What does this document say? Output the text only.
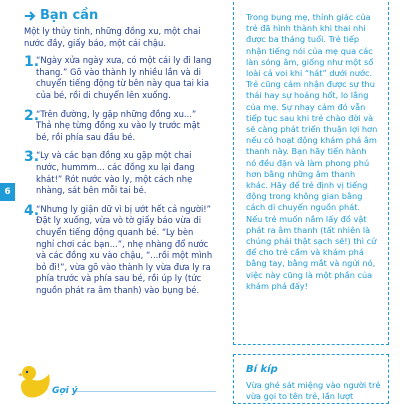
Bạn cần

Một ly thủy tinh, những đồng xu, một chai nước đầy, giấy báo, một cái chậu.

1.

“Ngày xửa ngày xưa, có một cái ly đi lang thang.” Gõ vào thành ly nhiều lần và di chuyển tiếng động từ bên này qua tai kia của bé, rồi di chuyển lên xuống.

2.

“Trên đường, ly gặp những đồng xu...” Thả nhẹ từng đồng xu vào ly trước mặt bé, rồi phía sau đầu bé.

3.

“Ly và các bạn đồng xu gặp một chai nước, hummm... các đồng xu lại đang khát!” Rót nước vào ly, một cách nhẹ nhàng, sát bên mỗi tai bé.

4.

“Nhưng ly giận dữ vì bị ướt hết cả người!” Đặt ly xuống, vừa vò tờ giấy báo vừa di chuyển tiếng động quanh bé. “Ly bèn nghỉ chơi các bạn...”, nhẹ nhàng đổ nước và các đồng xu vào chậu, “...rồi một mình bỏ đi!”, vừa gõ vào thành ly vừa đưa ly ra phía trước và phía sau bé, rồi úp ly (tức nguồn phát ra âm thanh) vào bụng bé.

6
Gợi ý

Trong bụng mẹ, thính giác của trẻ đã hình thành khi thai nhi được ba tháng tuổi. Trẻ tiếp nhận tiếng nói của mẹ qua các làn sóng âm, giống như một sổ loài cá voi khi “hát” dưới nước. Trẻ cũng cảm nhận được sự thu thái hay sự hoảng hốt, lo lắng của mẹ. Sự nhạy cảm đó vẫn tiếp tục sau khi trẻ chào đời và sẽ càng phát triển thuận lợi hơn nếu có hoạt động khám phá âm thanh này. Bạn hãy tiến hành nó đều đặn và làm phong phú hơn bằng những âm thanh khác. Hãy để trẻ định vị tiếng động trong không gian bằng cách di chuyển nguồn phát. Nếu trẻ muốn nắm lấy đồ vật phát ra âm thanh (tất nhiên là chúng phải thật sạch sẽ!) thì cứ để cho trẻ cầm và khám phá bằng tay, bằng mắt và ngửi nó, việc này cũng là một phần của khám phá đấy!

Bí kíp

Vừa ghé sát miệng vào người trẻ vừa gọi to tên trẻ, lần lượt
